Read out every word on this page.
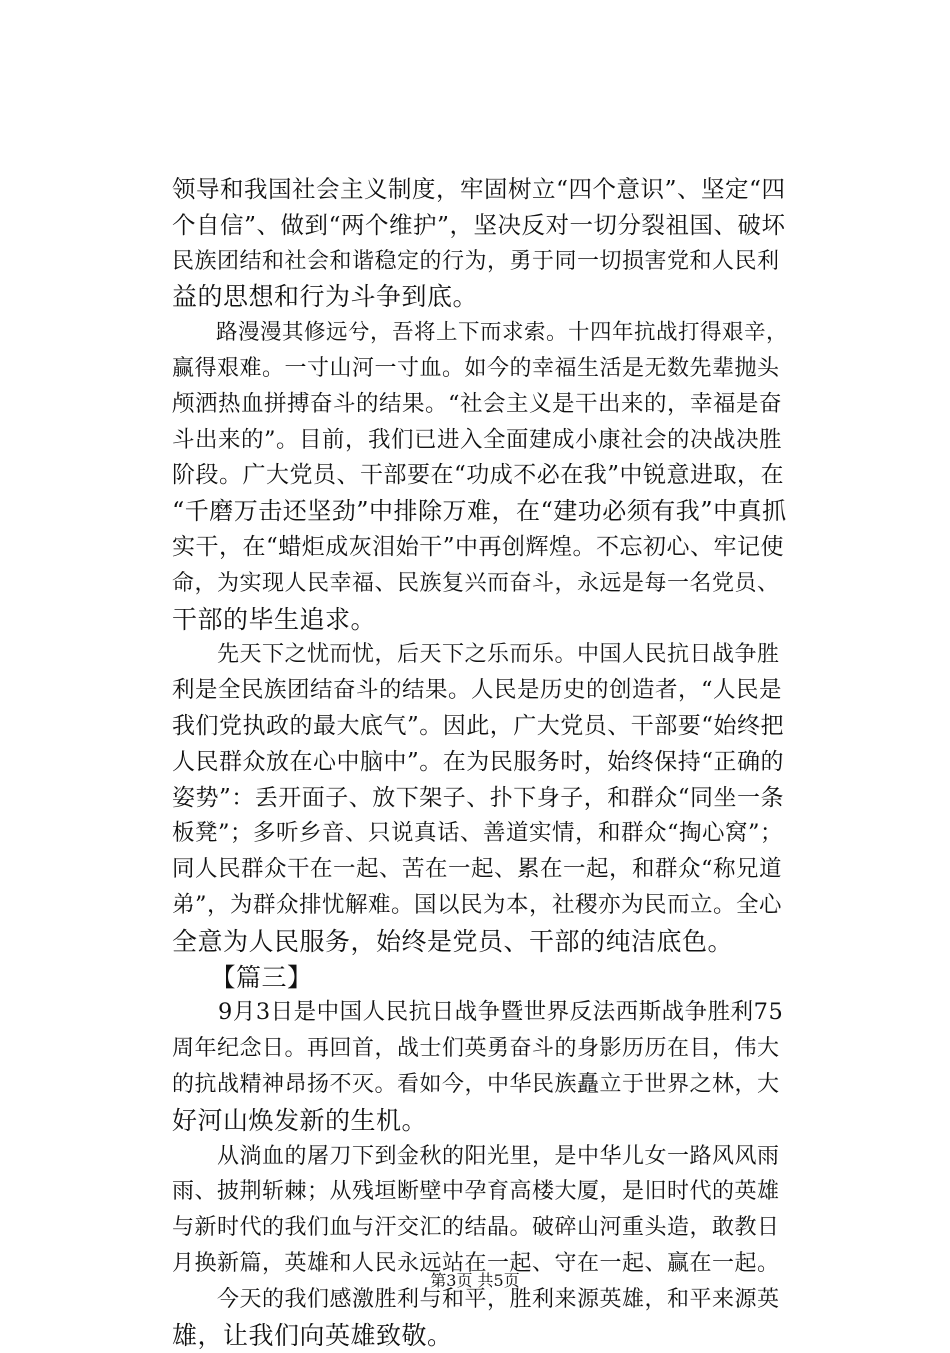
领导和我国社会主义制度，牢固树立“四个意识”、坚定“四
个自信”、做到“两个维护”，坚决反对一切分裂祖国、破坏
民族团结和社会和谐稳定的行为，勇于同一切损害党和人民利
益的思想和行为斗争到底。
　　路漫漫其修远兮，吾将上下而求索。十四年抗战打得艰辛，
赢得艰难。一寸山河一寸血。如今的幸福生活是无数先辈抛头
颅洒热血拼搏奋斗的结果。“社会主义是干出来的，幸福是奋
斗出来的”。目前，我们已进入全面建成小康社会的决战决胜
阶段。广大党员、干部要在“功成不必在我”中锐意进取，在
“千磨万击还坚劲”中排除万难，在“建功必须有我”中真抓
实干，在“蜡炬成灰泪始干”中再创辉煌。不忘初心、牢记使
命，为实现人民幸福、民族复兴而奋斗，永远是每一名党员、
干部的毕生追求。
　　先天下之忧而忧，后天下之乐而乐。中国人民抗日战争胜
利是全民族团结奋斗的结果。人民是历史的创造者，“人民是
我们党执政的最大底气”。因此，广大党员、干部要“始终把
人民群众放在心中脑中”。在为民服务时，始终保持“正确的
姿势”：丢开面子、放下架子、扑下身子，和群众“同坐一条
板凳”；多听乡音、只说真话、善道实情，和群众“掏心窝”；
同人民群众干在一起、苦在一起、累在一起，和群众“称兄道
弟”，为群众排忧解难。国以民为本，社稷亦为民而立。全心
全意为人民服务，始终是党员、干部的纯洁底色。
　　【篇三】
　　9月3日是中国人民抗日战争暨世界反法西斯战争胜利75
周年纪念日。再回首，战士们英勇奋斗的身影历历在目，伟大
的抗战精神昂扬不灭。看如今，中华民族矗立于世界之林，大
好河山焕发新的生机。
　　从淌血的屠刀下到金秋的阳光里，是中华儿女一路风风雨
雨、披荆斩棘；从残垣断壁中孕育高楼大厦，是旧时代的英雄
与新时代的我们血与汗交汇的结晶。破碎山河重头造，敢教日
月换新篇，英雄和人民永远站在一起、守在一起、赢在一起。
　　今天的我们感激胜利与和平，胜利来源英雄，和平来源英
雄，让我们向英雄致敬。
第3页 共5页
